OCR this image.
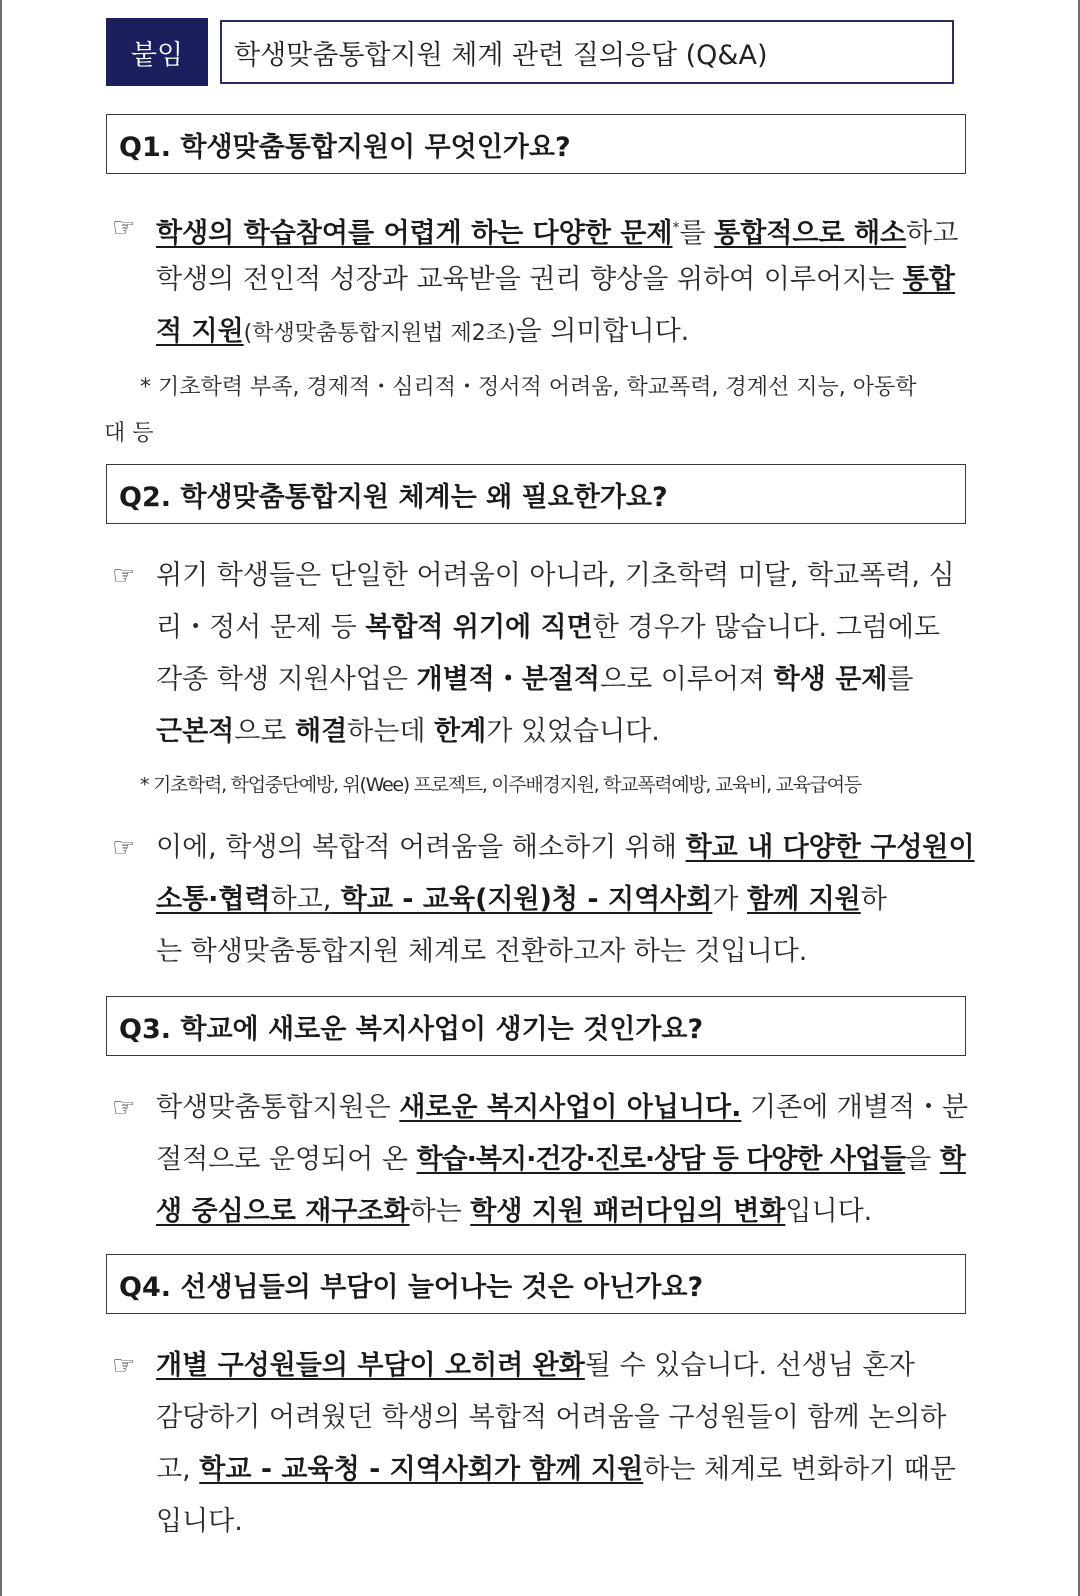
붙임	학생맞춤통합지원 체계 관련 질의응답 (Q&A)
Q1. 학생맞춤통합지원이 무엇인가요?
☞ 학생의 학습참여를 어렵게 하는 다양한 문제*를 통합적으로 해소하고
학생의 전인적 성장과 교육받을 권리 향상을 위하여 이루어지는 통합
적 지원(학생맞춤통합지원법 제2조)을 의미합니다.
* 기초학력 부족, 경제적・심리적・정서적 어려움, 학교폭력, 경계선 지능, 아동학
대 등
Q2. 학생맞춤통합지원 체계는 왜 필요한가요?
☞ 위기 학생들은 단일한 어려움이 아니라, 기초학력 미달, 학교폭력, 심
리・정서 문제 등 복합적 위기에 직면한 경우가 많습니다. 그럼에도
각종 학생 지원사업은 개별적・분절적으로 이루어져 학생 문제를
근본적으로 해결하는데 한계가 있었습니다.
* 기초학력, 학업중단예방, 위(Wee) 프로젝트, 이주배경지원, 학교폭력예방, 교육비, 교육급여등
☞ 이에, 학생의 복합적 어려움을 해소하기 위해 학교 내 다양한 구성원이
소통·협력하고, 학교 - 교육(지원)청 - 지역사회가 함께 지원하
는 학생맞춤통합지원 체계로 전환하고자 하는 것입니다.
Q3. 학교에 새로운 복지사업이 생기는 것인가요?
☞ 학생맞춤통합지원은 새로운 복지사업이 아닙니다. 기존에 개별적・분
절적으로 운영되어 온 학습·복지·건강·진로·상담 등 다양한 사업들을 학
생 중심으로 재구조화하는 학생 지원 패러다임의 변화입니다.
Q4. 선생님들의 부담이 늘어나는 것은 아닌가요?
☞ 개별 구성원들의 부담이 오히려 완화될 수 있습니다. 선생님 혼자
감당하기 어려웠던 학생의 복합적 어려움을 구성원들이 함께 논의하
고, 학교 - 교육청 - 지역사회가 함께 지원하는 체계로 변화하기 때문
입니다.
